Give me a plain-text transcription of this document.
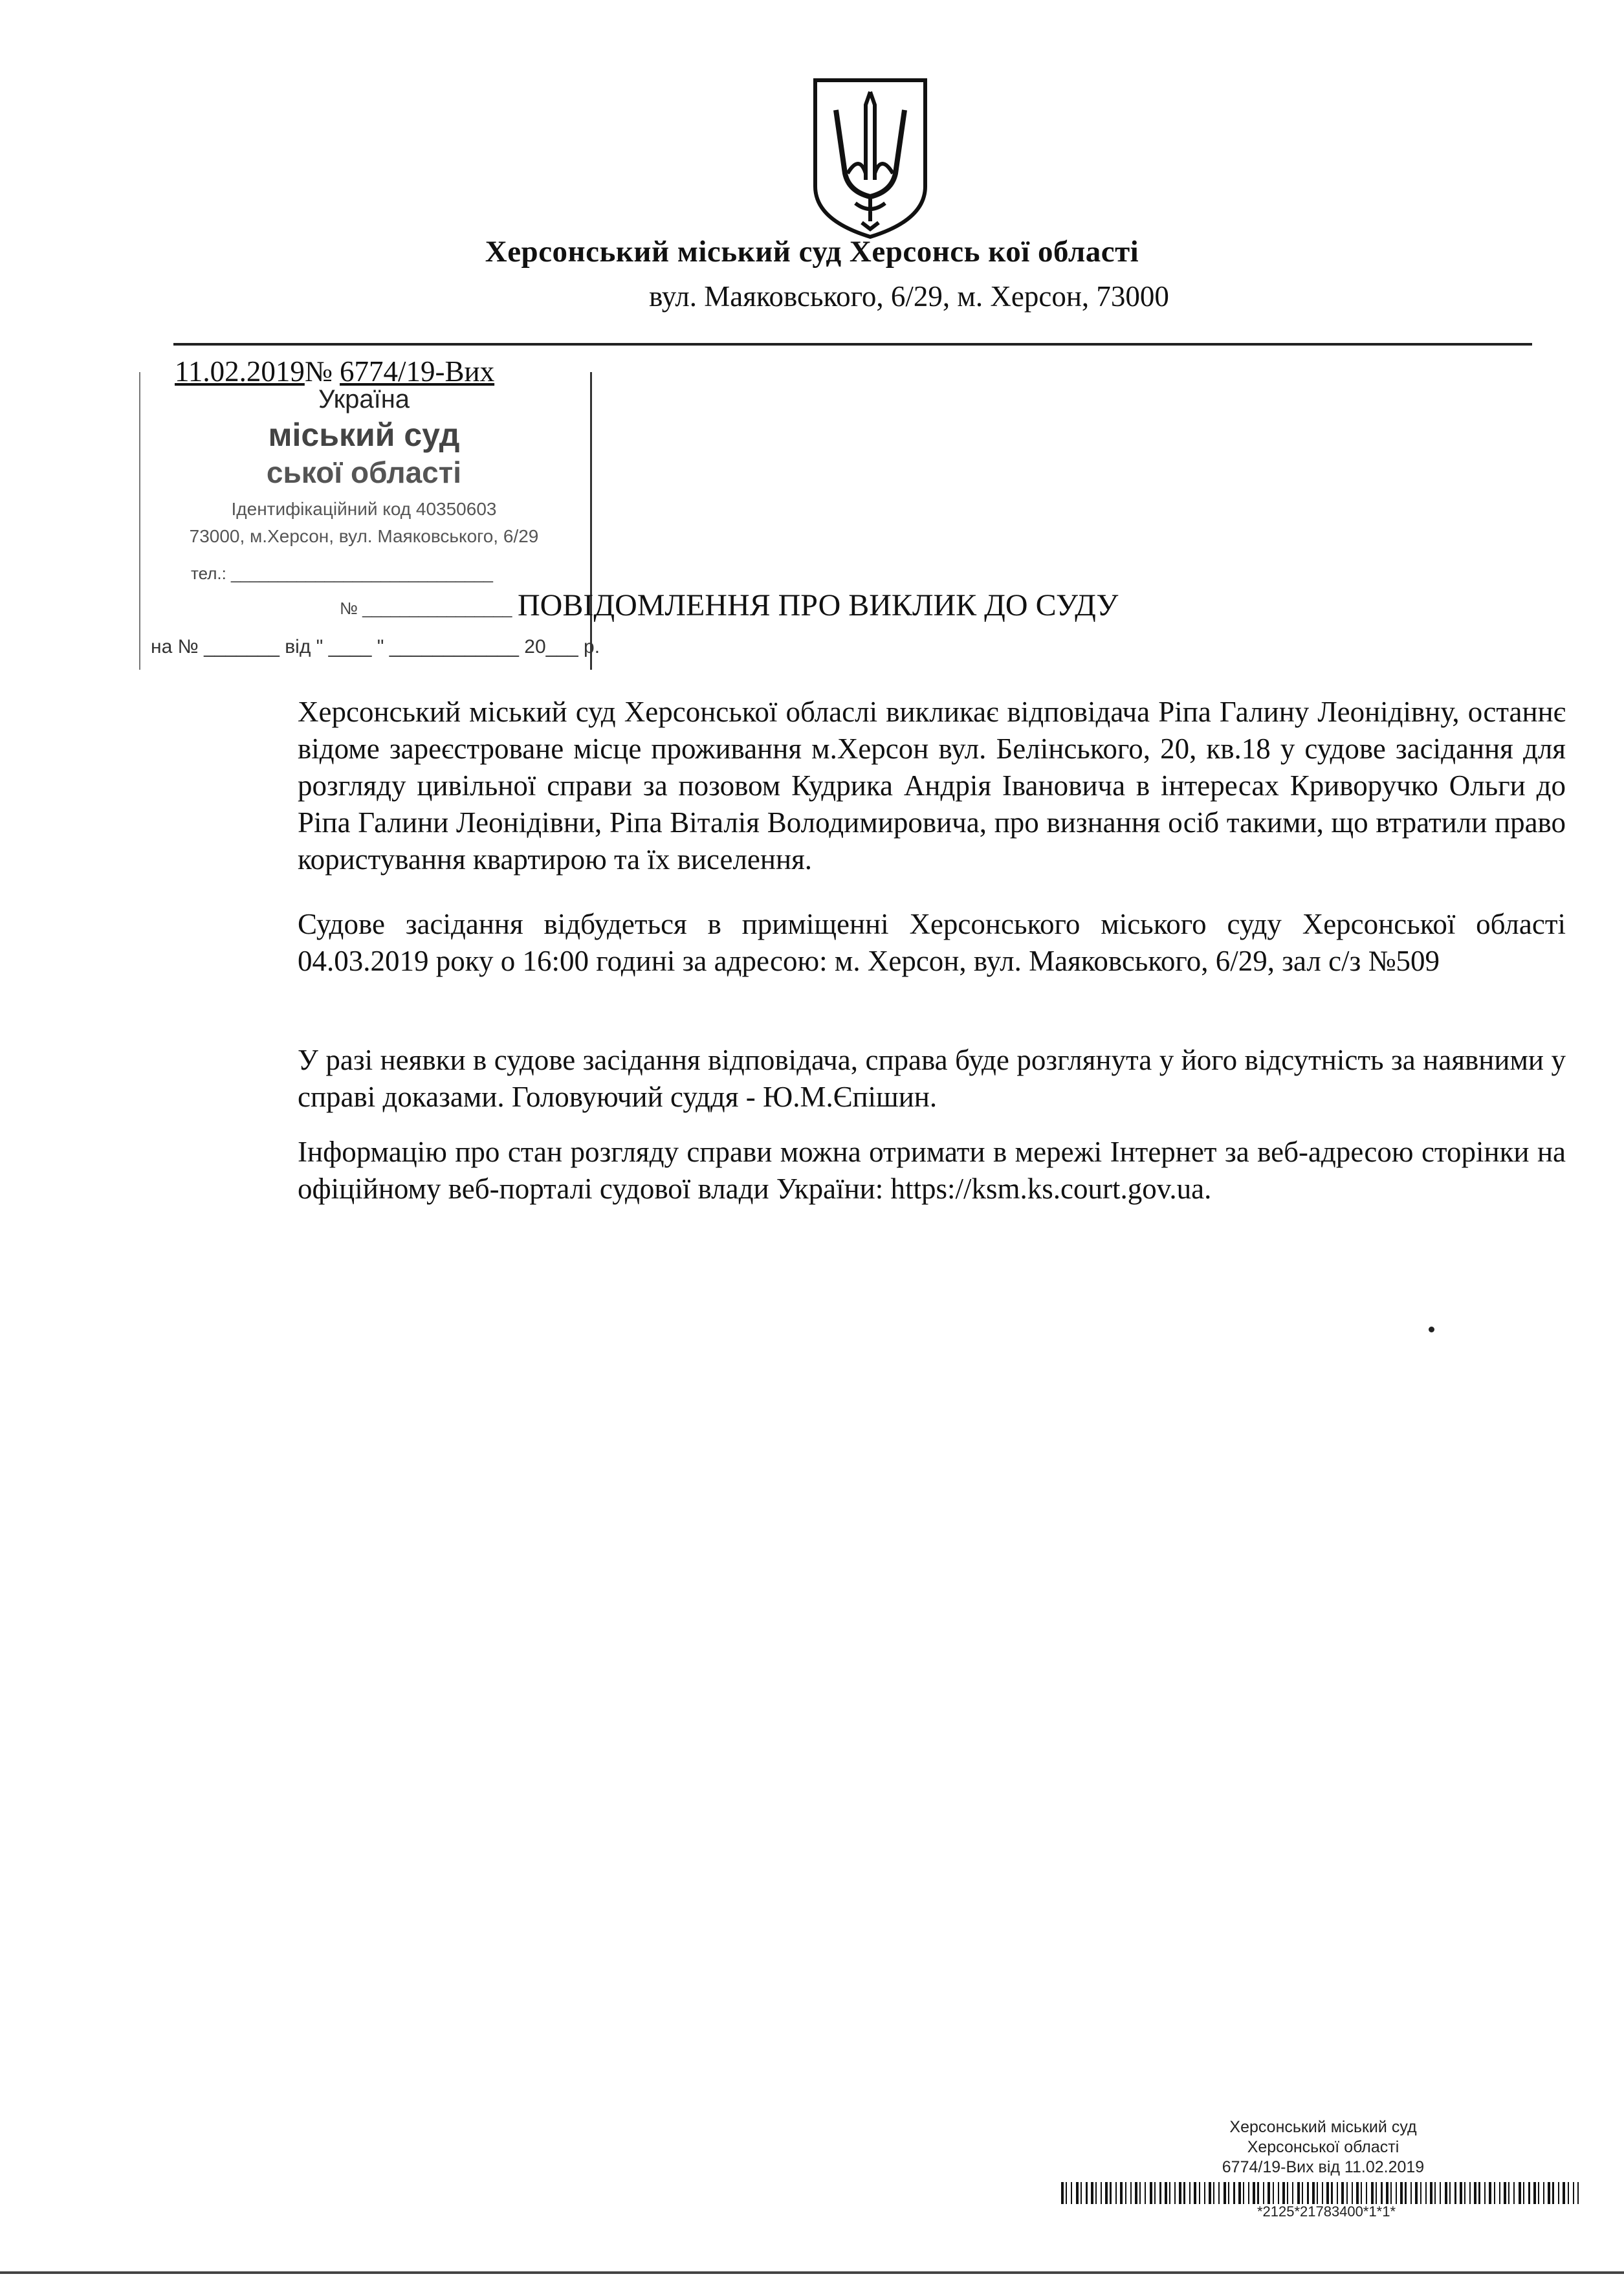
Херсонський міський суд Херсонсь кої області
вул. Маяковського, 6/29, м. Херсон, 73000
11.02.2019№ 6774/19-Вих
Україна
міський суд
ської області
Ідентифікаційний код 40350603
73000, м.Херсон, вул. Маяковського, 6/29
тел.: ____________________________
№ ________________
на № _______ від " ____ " ____________ 20___ р.
ПОВІДОМЛЕННЯ ПРО ВИКЛИК ДО СУДУ
Херсонський міський суд Херсонської обласлі викликає відповідача Ріпа Галину Леонідівну, останнє відоме зареєстроване місце проживання м.Херсон вул. Белінського, 20, кв.18 у судове засідання для розгляду цивільної справи за позовом Кудрика Андрія Івановича в інтересах Криворучко Ольги до Ріпа Галини Леонідівни, Ріпа Віталія Володимировича, про визнання осіб такими, що втратили право користування квартирою та їх виселення.
Судове засідання відбудеться в приміщенні Херсонського міського суду Херсонської області 04.03.2019 року о 16:00 годині за адресою: м. Херсон, вул. Маяковського, 6/29, зал с/з №509
У разі неявки в судове засідання відповідача, справа буде розглянута у його відсутність за наявними у справі доказами. Головуючий суддя - Ю.М.Єпішин.
Інформацію про стан розгляду справи можна отримати в мережі Інтернет за веб-адресою сторінки на офіційному веб-порталі судової влади України: https://ksm.ks.court.gov.ua.
Херсонський міський суд
Херсонської області
6774/19-Вих від 11.02.2019
*2125*21783400*1*1*
